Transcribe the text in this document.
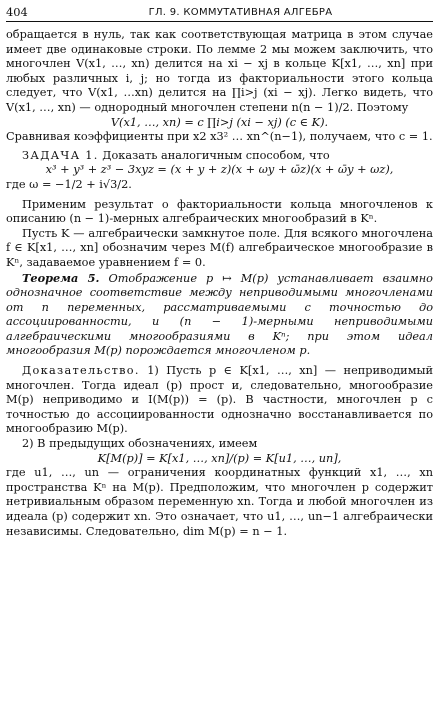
404	ГЛ. 9. КОММУТАТИВНАЯ АЛГЕБРА

обращается в нуль, так как соответствующая матрица в этом случае имеет две одинаковые строки. По лемме 2 мы можем заключить, что многочлен V(x1, …, xn) делится на xi − xj в кольце K[x1, …, xn] при любых различных i, j; но тогда из факториальности этого кольца следует, что V(x1, …xn) делится на ∏i>j (xi − xj). Легко видеть, что V(x1, …, xn) — однородный многочлен степени n(n − 1)/2. Поэтому

V(x1, …, xn) = c ∏i>j (xi − xj) (c ∈ K).

Сравнивая коэффициенты при x2 x3² … xn^(n−1), получаем, что c = 1.

ЗАДАЧА 1. Доказать аналогичным способом, что

x³ + y³ + z³ − 3xyz = (x + y + z)(x + ωy + ω̄z)(x + ω̄y + ωz),

где ω = −1/2 + i√3/2.

Применим результат о факториальности кольца многочленов к описанию (n − 1)-мерных алгебраических многообразий в Kⁿ.

Пусть K — алгебраически замкнутое поле. Для всякого многочлена f ∈ K[x1, …, xn] обозначим через M(f) алгебраическое многообразие в Kⁿ, задаваемое уравнением f = 0.

Теорема 5. Отображение p ↦ M(p) устанавливает взаимно однозначное соответствие между неприводимыми многочленами от n переменных, рассматриваемыми с точностью до ассоциированности, и (n − 1)-мерными неприводимыми алгебраическими многообразиями в Kⁿ; при этом идеал многообразия M(p) порождается многочленом p.

Доказательство. 1) Пусть p ∈ K[x1, …, xn] — неприводимый многочлен. Тогда идеал (p) прост и, следовательно, многообразие M(p) неприводимо и I(M(p)) = (p). В частности, многочлен p с точностью до ассоциированности однозначно восстанавливается по многообразию M(p).

2) В предыдущих обозначениях, имеем

K[M(p)] = K[x1, …, xn]/(p) = K[u1, …, un],

где u1, …, un — ограничения координатных функций x1, …, xn пространства Kⁿ на M(p). Предположим, что многочлен p содержит нетривиальным образом переменную xn. Тогда и любой многочлен из идеала (p) содержит xn. Это означает, что u1, …, un−1 алгебраически независимы. Следовательно, dim M(p) = n − 1.
